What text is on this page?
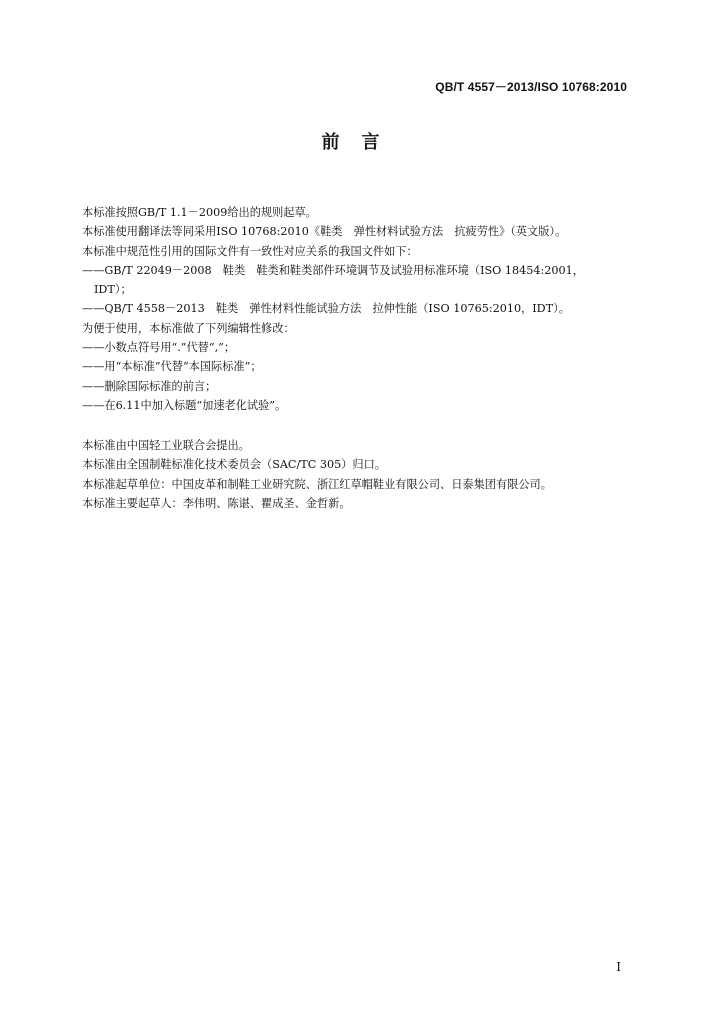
QB/T 4557－2013/ISO 10768:2010
前言

本标准按照GB/T 1.1－2009给出的规则起草。

本标准使用翻译法等同采用ISO 10768:2010《鞋类　弹性材料试验方法　抗疲劳性》（英文版）。

本标准中规范性引用的国际文件有一致性对应关系的我国文件如下：

——GB/T 22049－2008　鞋类　鞋类和鞋类部件环境调节及试验用标准环境（ISO 18454:2001，

IDT）；

——QB/T 4558－2013　鞋类　弹性材料性能试验方法　拉伸性能（ISO 10765:2010，IDT）。

为便于使用，本标准做了下列编辑性修改：

——小数点符号用“.”代替“,”；

——用“本标准”代替“本国际标准”；

——删除国际标准的前言；

——在6.11中加入标题“加速老化试验”。

本标准由中国轻工业联合会提出。

本标准由全国制鞋标准化技术委员会（SAC/TC 305）归口。

本标准起草单位：中国皮革和制鞋工业研究院、浙江红草帽鞋业有限公司、日泰集团有限公司。

本标准主要起草人：李伟明、陈谌、瞿成圣、金哲新。

I
